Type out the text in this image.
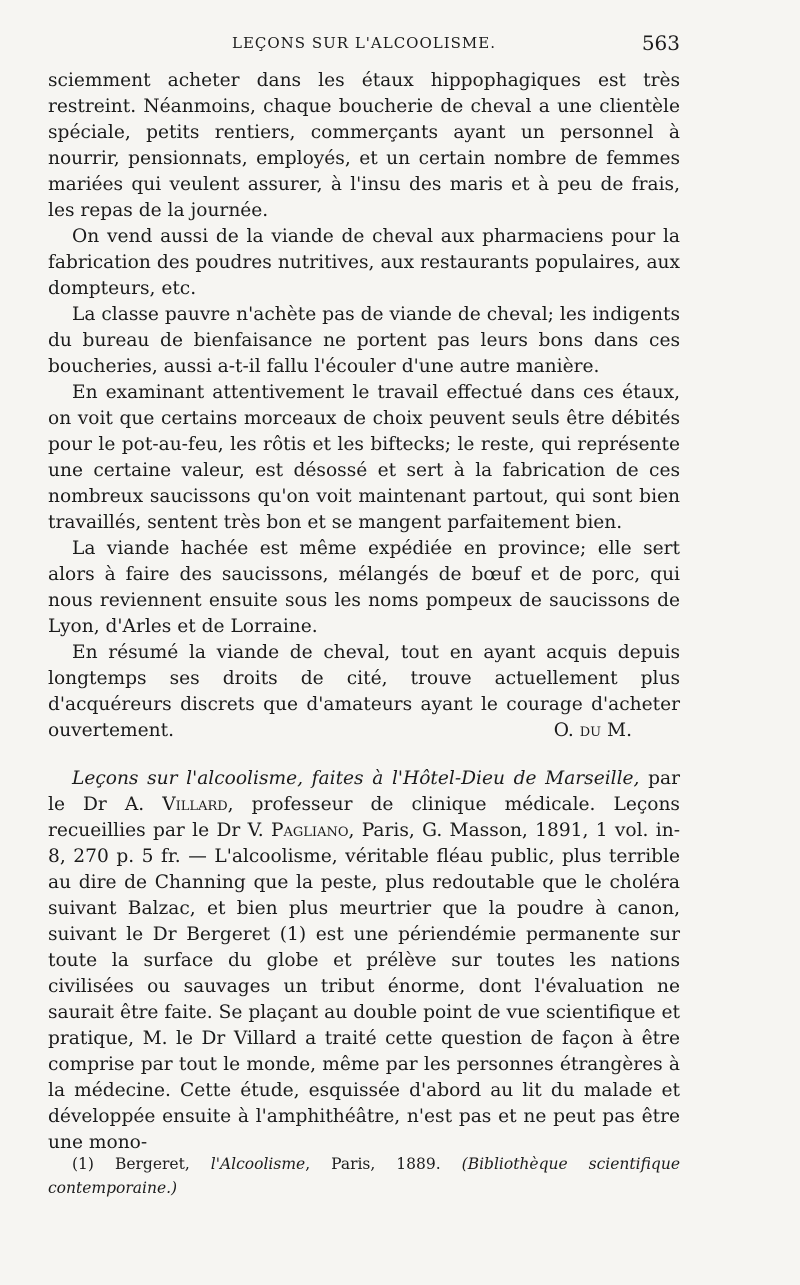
LEÇONS SUR L'ALCOOLISME.	563

sciemment acheter dans les étaux hippophagiques est très restreint. Néanmoins, chaque boucherie de cheval a une clientèle spéciale, petits rentiers, commerçants ayant un personnel à nourrir, pensionnats, employés, et un certain nombre de femmes mariées qui veulent assurer, à l'insu des maris et à peu de frais, les repas de la journée.

On vend aussi de la viande de cheval aux pharmaciens pour la fabrication des poudres nutritives, aux restaurants populaires, aux dompteurs, etc.

La classe pauvre n'achète pas de viande de cheval; les indigents du bureau de bienfaisance ne portent pas leurs bons dans ces boucheries, aussi a-t-il fallu l'écouler d'une autre manière.

En examinant attentivement le travail effectué dans ces étaux, on voit que certains morceaux de choix peuvent seuls être débités pour le pot-au-feu, les rôtis et les biftecks; le reste, qui représente une certaine valeur, est désossé et sert à la fabrication de ces nombreux saucissons qu'on voit maintenant partout, qui sont bien travaillés, sentent très bon et se mangent parfaitement bien.

La viande hachée est même expédiée en province; elle sert alors à faire des saucissons, mélangés de bœuf et de porc, qui nous reviennent ensuite sous les noms pompeux de saucissons de Lyon, d'Arles et de Lorraine.

En résumé la viande de cheval, tout en ayant acquis depuis longtemps ses droits de cité, trouve actuellement plus d'acquéreurs discrets que d'amateurs ayant le courage d'acheter ouvertement.	O. du M.

Leçons sur l'alcoolisme, faites à l'Hôtel-Dieu de Marseille, par le Dr A. Villard, professeur de clinique médicale. Leçons recueillies par le Dr V. Pagliano, Paris, G. Masson, 1891, 1 vol. in-8, 270 p. 5 fr. — L'alcoolisme, véritable fléau public, plus terrible au dire de Channing que la peste, plus redoutable que le choléra suivant Balzac, et bien plus meurtrier que la poudre à canon, suivant le Dr Bergeret (1) est une périendémie permanente sur toute la surface du globe et prélève sur toutes les nations civilisées ou sauvages un tribut énorme, dont l'évaluation ne saurait être faite. Se plaçant au double point de vue scientifique et pratique, M. le Dr Villard a traité cette question de façon à être comprise par tout le monde, même par les personnes étrangères à la médecine. Cette étude, esquissée d'abord au lit du malade et développée ensuite à l'amphithéâtre, n'est pas et ne peut pas être une mono-

(1) Bergeret, l'Alcoolisme, Paris, 1889. (Bibliothèque scientifique contemporaine.)
